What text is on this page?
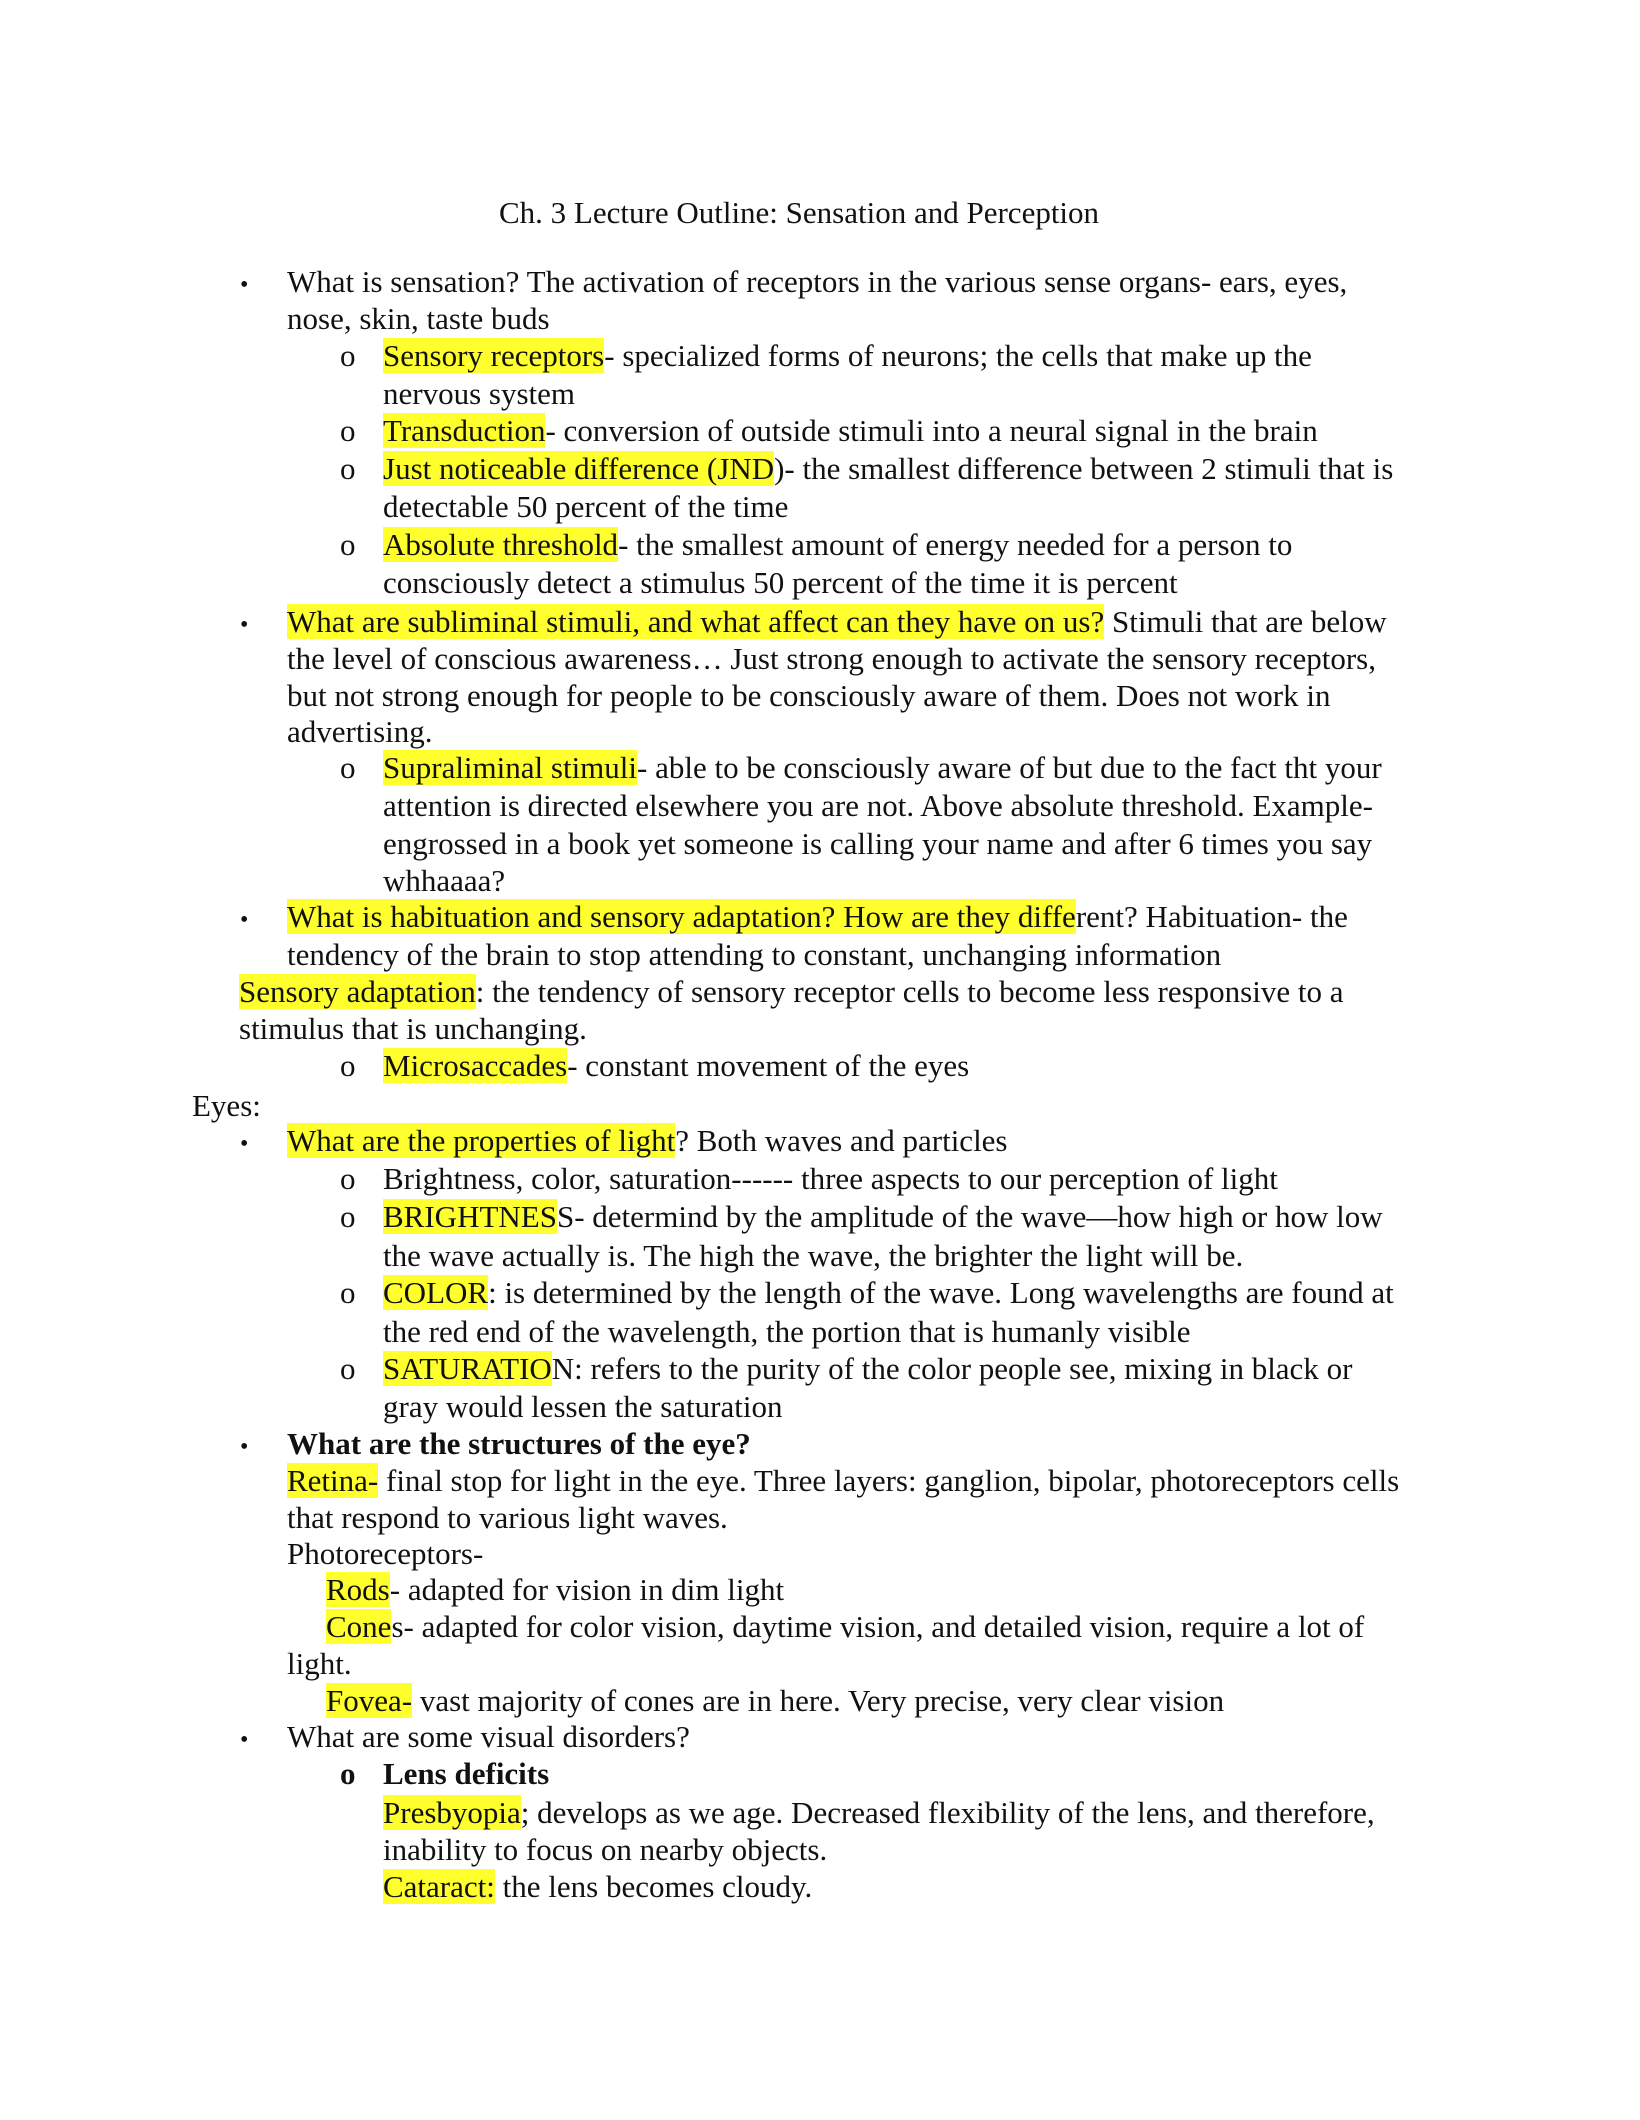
Ch. 3 Lecture Outline: Sensation and Perception
•	What is sensation? The activation of receptors in the various sense organs- ears, eyes,
nose, skin, taste buds
o Sensory receptors- specialized forms of neurons; the cells that make up the
nervous system
o Transduction- conversion of outside stimuli into a neural signal in the brain
o Just noticeable difference (JND)- the smallest difference between 2 stimuli that is
detectable 50 percent of the time
o Absolute threshold- the smallest amount of energy needed for a person to
consciously detect a stimulus 50 percent of the time it is percent
•	What are subliminal stimuli, and what affect can they have on us? Stimuli that are below
the level of conscious awareness… Just strong enough to activate the sensory receptors,
but not strong enough for people to be consciously aware of them. Does not work in
advertising.
o Supraliminal stimuli- able to be consciously aware of but due to the fact tht your
attention is directed elsewhere you are not. Above absolute threshold. Example-
engrossed in a book yet someone is calling your name and after 6 times you say
whhaaaa?
•	What is habituation and sensory adaptation? How are they different? Habituation- the
tendency of the brain to stop attending to constant, unchanging information
Sensory adaptation: the tendency of sensory receptor cells to become less responsive to a
stimulus that is unchanging.
o Microsaccades- constant movement of the eyes
Eyes:
•	What are the properties of light? Both waves and particles
o Brightness, color, saturation------ three aspects to our perception of light
o BRIGHTNESS- determind by the amplitude of the wave—how high or how low
the wave actually is. The high the wave, the brighter the light will be.
o COLOR: is determined by the length of the wave. Long wavelengths are found at
the red end of the wavelength, the portion that is humanly visible
o SATURATION: refers to the purity of the color people see, mixing in black or
gray would lessen the saturation
•	What are the structures of the eye?
Retina- final stop for light in the eye. Three layers: ganglion, bipolar, photoreceptors cells
that respond to various light waves.
Photoreceptors-
Rods- adapted for vision in dim light
Cones- adapted for color vision, daytime vision, and detailed vision, require a lot of
light.
Fovea- vast majority of cones are in here. Very precise, very clear vision
•	What are some visual disorders?
o Lens deficits
Presbyopia; develops as we age. Decreased flexibility of the lens, and therefore,
inability to focus on nearby objects.
Cataract: the lens becomes cloudy.
